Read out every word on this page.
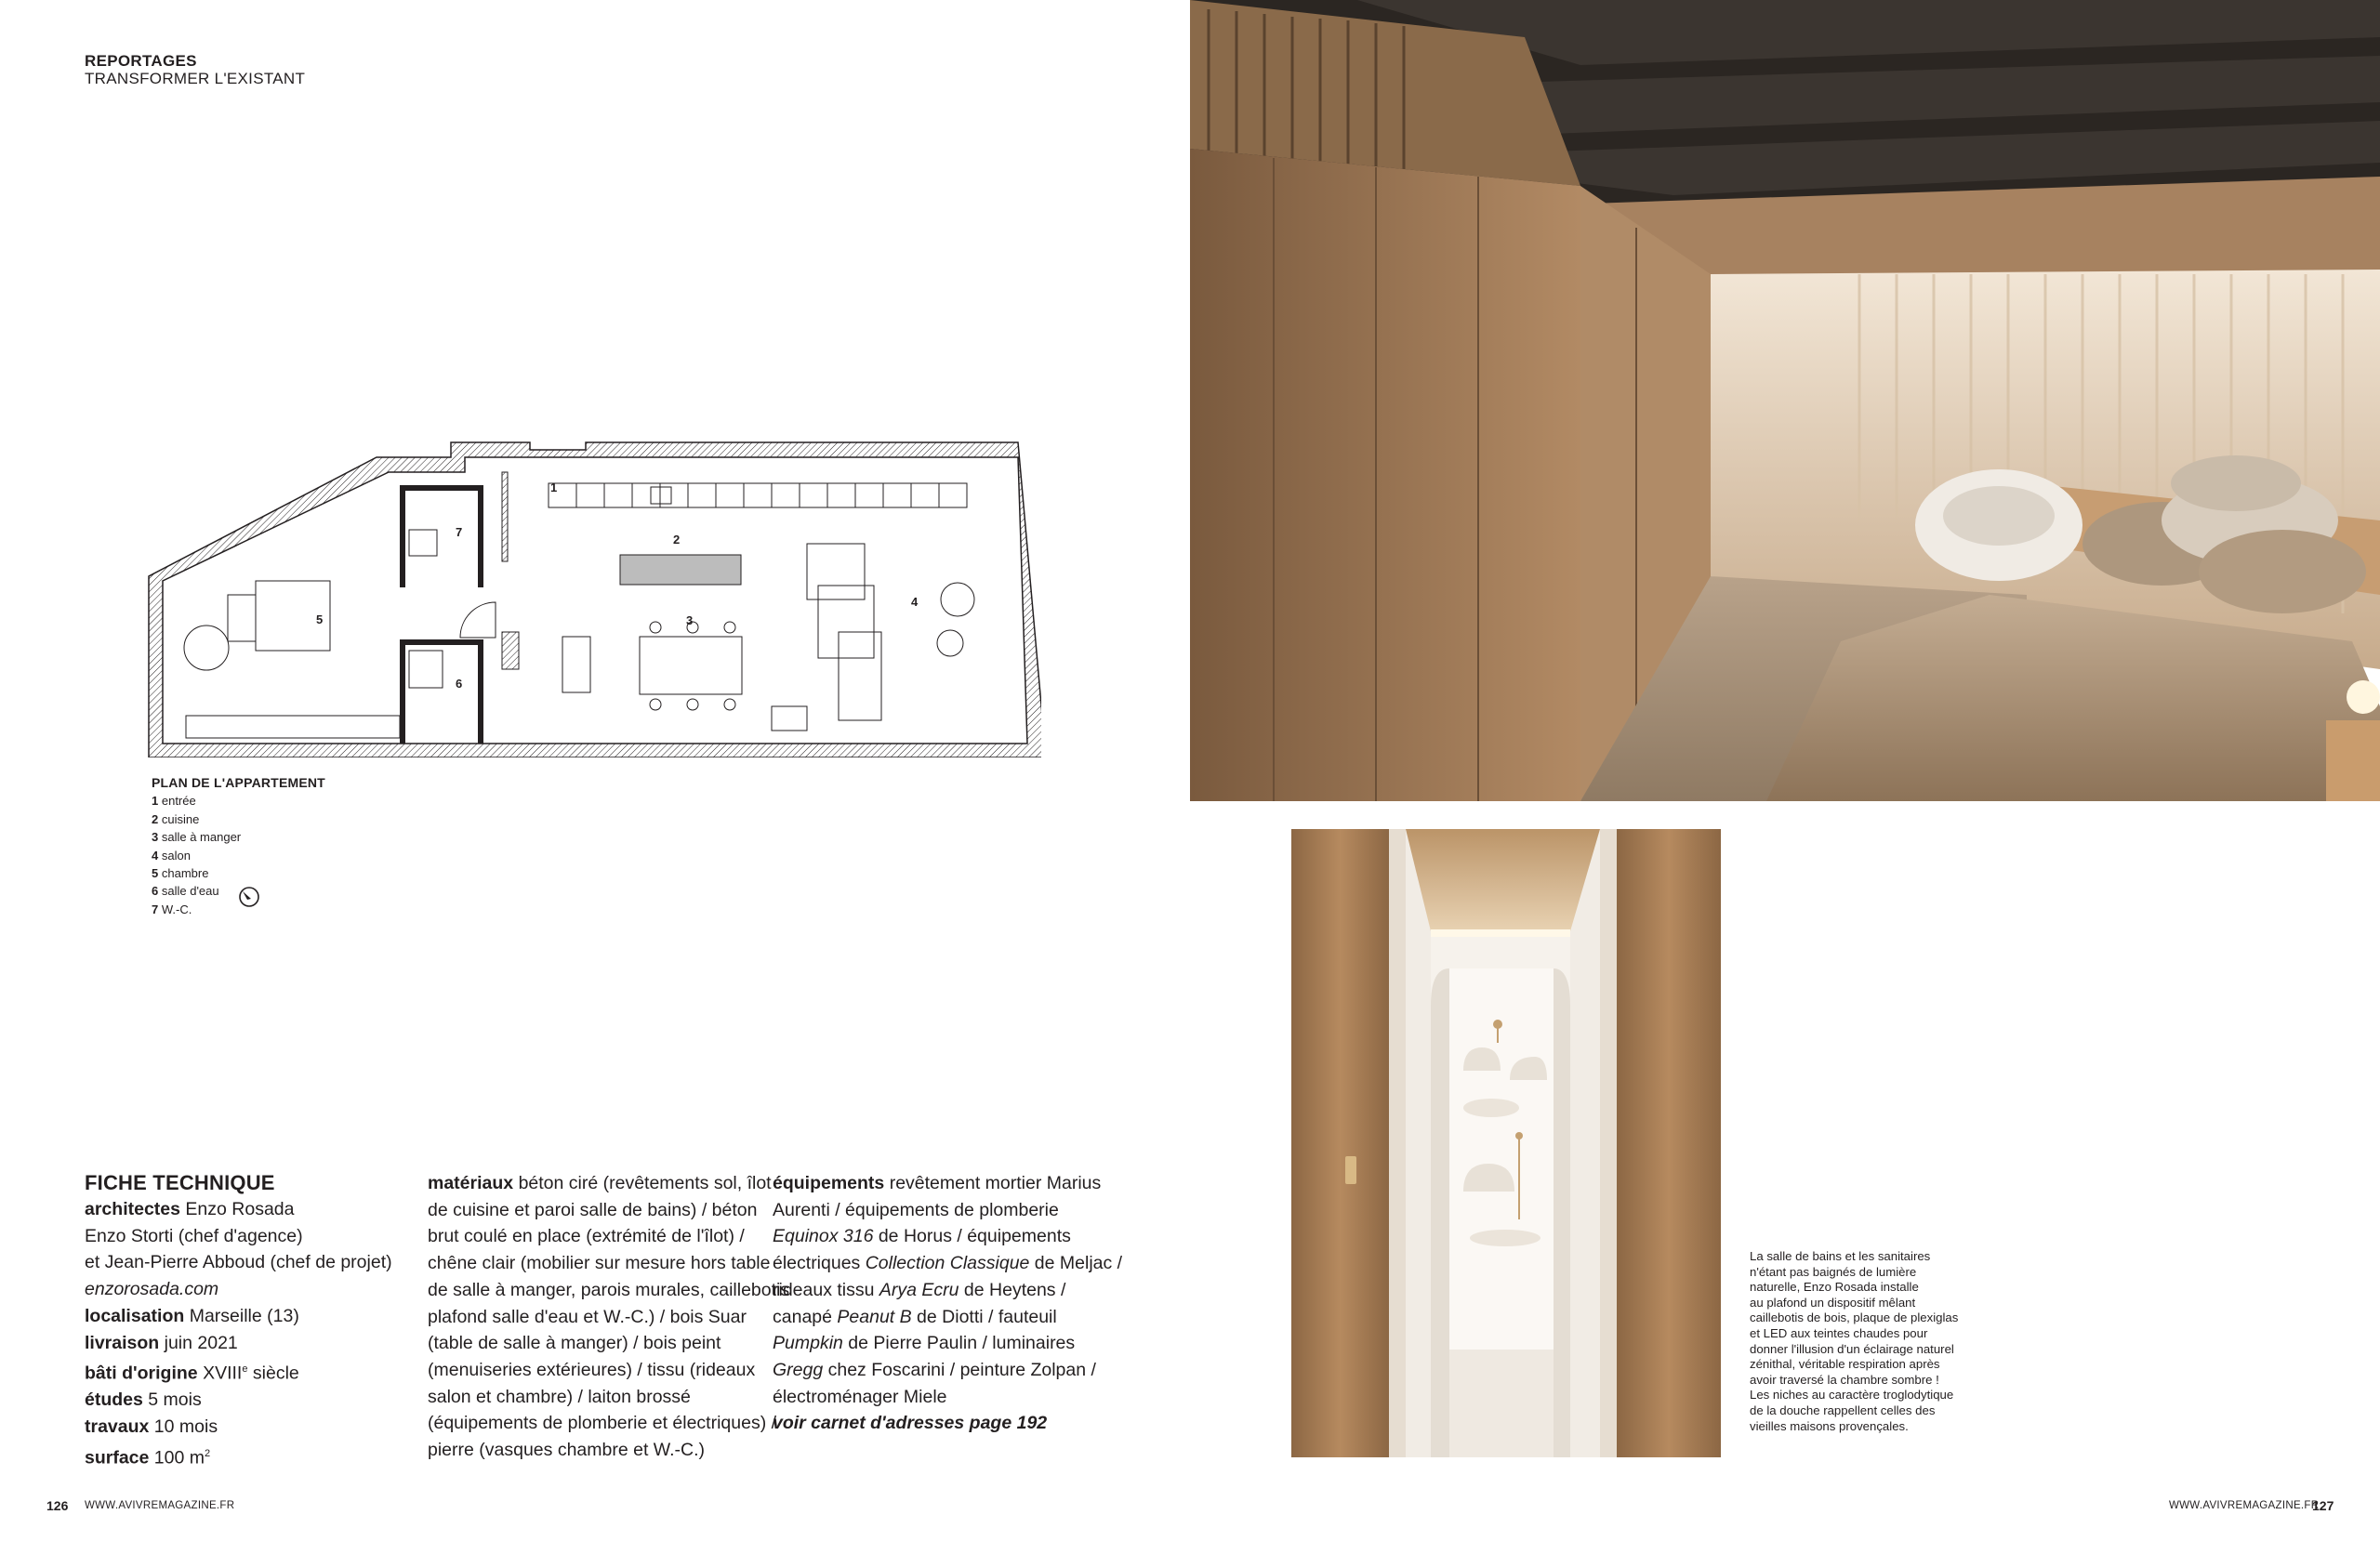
REPORTAGES
TRANSFORMER L'EXISTANT
1
2
3
4
5
6
7
PLAN DE L'APPARTEMENT
1 entrée
2 cuisine
3 salle à manger
4 salon
5 chambre
6 salle d'eau
7 W.-C.
FICHE TECHNIQUE
architectes Enzo Rosada
Enzo Storti (chef d'agence)
et Jean-Pierre Abboud (chef de projet)
enzorosada.com
localisation Marseille (13)
livraison juin 2021
bâti d'origine XVIIIe siècle
études 5 mois
travaux 10 mois
surface 100 $m^2$
matériaux béton ciré (revêtements sol, îlot
de cuisine et paroi salle de bains) / béton
brut coulé en place (extrémité de l'îlot) /
chêne clair (mobilier sur mesure hors table
de salle à manger, parois murales, caillebotis
plafond salle d'eau et W.-C.) / bois Suar
(table de salle à manger) / bois peint
(menuiseries extérieures) / tissu (rideaux
salon et chambre) / laiton brossé
(équipements de plomberie et électriques) /
pierre (vasques chambre et W.-C.)
équipements revêtement mortier Marius
Aurenti / équipements de plomberie
Equinox 316 de Horus / équipements
électriques Collection Classique de Meljac /
rideaux tissu Arya Ecru de Heytens /
canapé Peanut B de Diotti / fauteuil
Pumpkin de Pierre Paulin / luminaires
Gregg chez Foscarini / peinture Zolpan /
électroménager Miele
voir carnet d'adresses page 192
La salle de bains et les sanitaires
n'étant pas baignés de lumière
naturelle, Enzo Rosada installe
au plafond un dispositif mêlant
caillebotis de bois, plaque de plexiglas
et LED aux teintes chaudes pour
donner l'illusion d'un éclairage naturel
zénithal, véritable respiration après
avoir traversé la chambre sombre !
Les niches au caractère troglodytique
de la douche rappellent celles des
vieilles maisons provençales.
126 WWW.AVIVREMAGAZINE.FR	WWW.AVIVREMAGAZINE.FR
127
